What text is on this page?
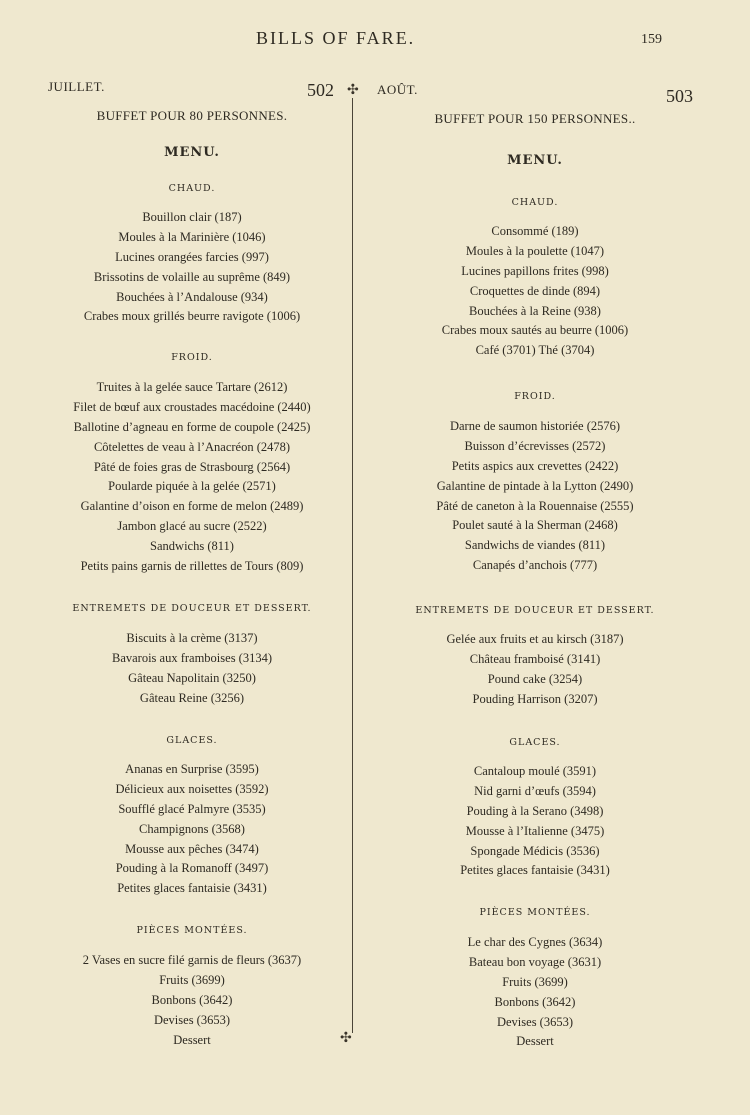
BILLS OF FARE.	159
✣
✣
JUILLET.	502
BUFFET POUR 80 PERSONNES.
MENU.
CHAUD.
Bouillon clair (187)
Moules à la Marinière (1046)
Lucines orangées farcies (997)
Brissotins de volaille au suprême (849)
Bouchées à l’Andalouse (934)
Crabes moux grillés beurre ravigote (1006)
FROID.
Truites à la gelée sauce Tartare (2612)
Filet de bœuf aux croustades macédoine (2440)
Ballotine d’agneau en forme de coupole (2425)
Côtelettes de veau à l’Anacréon (2478)
Pâté de foies gras de Strasbourg (2564)
Poularde piquée à la gelée (2571)
Galantine d’oison en forme de melon (2489)
Jambon glacé au sucre (2522)
Sandwichs (811)
Petits pains garnis de rillettes de Tours (809)
ENTREMETS DE DOUCEUR ET DESSERT.
Biscuits à la crème (3137)
Bavarois aux framboises (3134)
Gâteau Napolitain (3250)
Gâteau Reine (3256)
GLACES.
Ananas en Surprise (3595)
Délicieux aux noisettes (3592)
Soufflé glacé Palmyre (3535)
Champignons (3568)
Mousse aux pêches (3474)
Pouding à la Romanoff (3497)
Petites glaces fantaisie (3431)
PIÈCES MONTÉES.
2 Vases en sucre filé garnis de fleurs (3637)
Fruits (3699)
Bonbons (3642)
Devises (3653)
Dessert
AOÛT.	503
BUFFET POUR 150 PERSONNES..
MENU.
CHAUD.
Consommé (189)
Moules à la poulette (1047)
Lucines papillons frites (998)
Croquettes de dinde (894)
Bouchées à la Reine (938)
Crabes moux sautés au beurre (1006)
Café (3701) Thé (3704)
FROID.
Darne de saumon historiée (2576)
Buisson d’écrevisses (2572)
Petits aspics aux crevettes (2422)
Galantine de pintade à la Lytton (2490)
Pâté de caneton à la Rouennaise (2555)
Poulet sauté à la Sherman (2468)
Sandwichs de viandes (811)
Canapés d’anchois (777)
ENTREMETS DE DOUCEUR ET DESSERT.
Gelée aux fruits et au kirsch (3187)
Château framboisé (3141)
Pound cake (3254)
Pouding Harrison (3207)
GLACES.
Cantaloup moulé (3591)
Nid garni d’œufs (3594)
Pouding à la Serano (3498)
Mousse à l’Italienne (3475)
Spongade Médicis (3536)
Petites glaces fantaisie (3431)
PIÈCES MONTÉES.
Le char des Cygnes (3634)
Bateau bon voyage (3631)
Fruits (3699)
Bonbons (3642)
Devises (3653)
Dessert
